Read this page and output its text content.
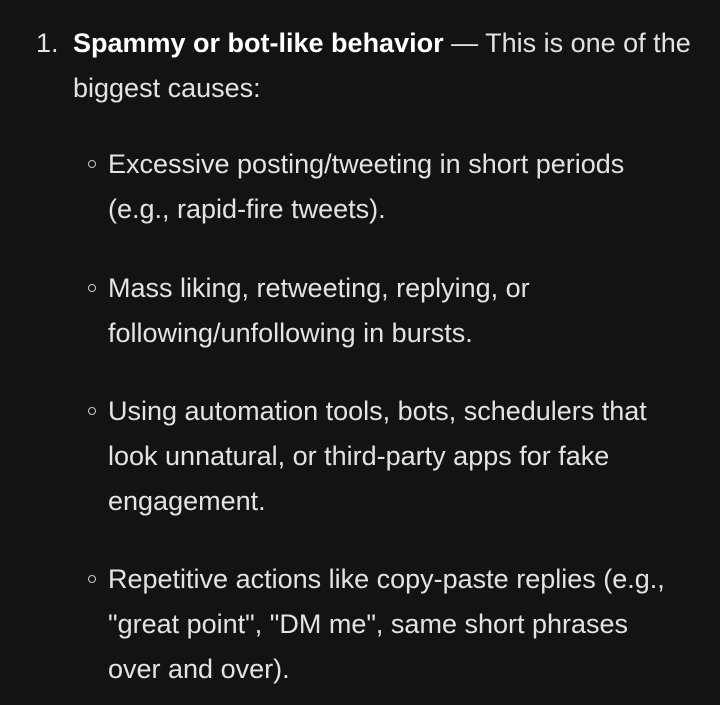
1. Spammy or bot-like behavior — This is one of the biggest causes:
Excessive posting/tweeting in short periods (e.g., rapid-fire tweets).
Mass liking, retweeting, replying, or following/unfollowing in bursts.
Using automation tools, bots, schedulers that look unnatural, or third-party apps for fake engagement.
Repetitive actions like copy-paste replies (e.g., "great point", "DM me", same short phrases over and over).
